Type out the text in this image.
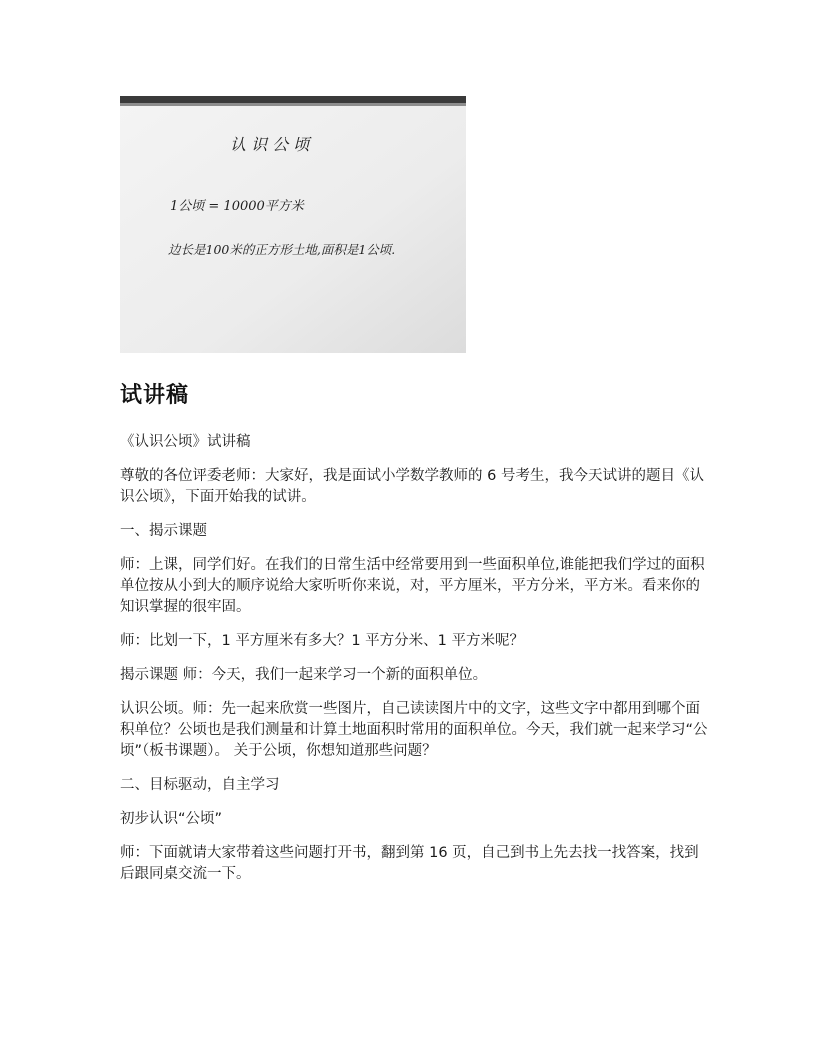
认 识 公 顷
1公顷 = 10000平方米
边长是100米的正方形土地,面积是1公顷.
试讲稿

《认识公顷》试讲稿

尊敬的各位评委老师：大家好，我是面试小学数学教师的 6 号考生，我今天试讲的题目《认识公顷》，下面开始我的试讲。

一、揭示课题

师：上课，同学们好。在我们的日常生活中经常要用到一些面积单位,谁能把我们学过的面积单位按从小到大的顺序说给大家听听你来说，对，平方厘米，平方分米，平方米。看来你的知识掌握的很牢固。

师：比划一下，1 平方厘米有多大？1 平方分米、1 平方米呢？

揭示课题 师：今天，我们一起来学习一个新的面积单位。

认识公顷。师：先一起来欣赏一些图片，自己读读图片中的文字，这些文字中都用到哪个面积单位？公顷也是我们测量和计算土地面积时常用的面积单位。今天，我们就一起来学习“公顷”（板书课题）。 关于公顷，你想知道那些问题？

二、目标驱动，自主学习

初步认识“公顷”

师：下面就请大家带着这些问题打开书，翻到第 16 页，自己到书上先去找一找答案，找到后跟同桌交流一下。
